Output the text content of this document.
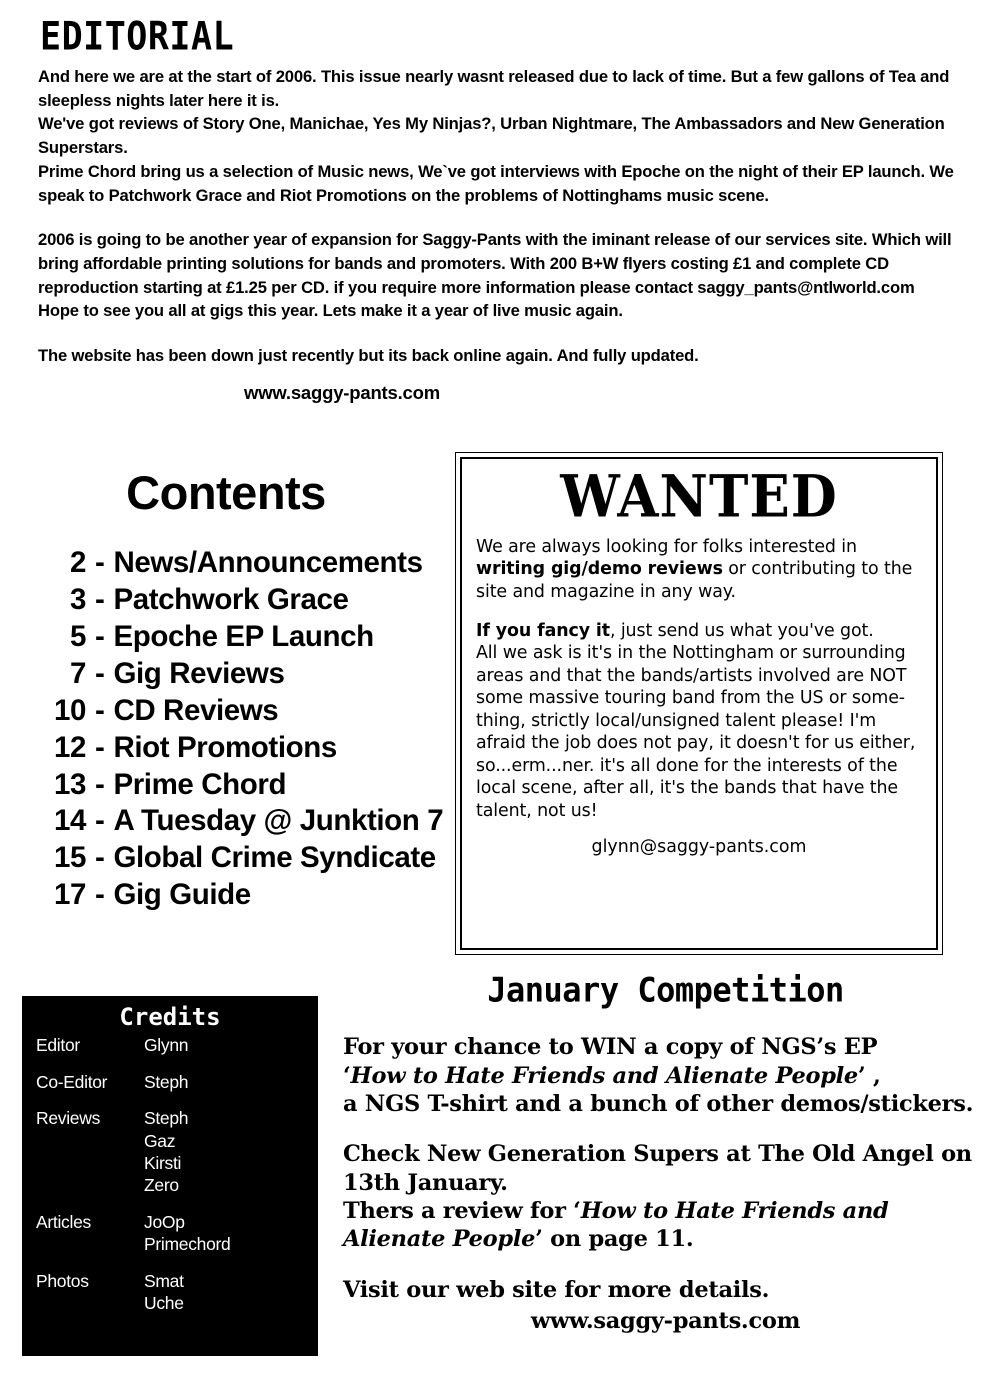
EDITORIAL

And here we are at the start of 2006. This issue nearly wasnt released due to lack of time. But a few gallons of Tea and sleepless nights later here it is.

We've got reviews of Story One, Manichae, Yes My Ninjas?, Urban Nightmare, The Ambassadors and New Generation Superstars.

Prime Chord bring us a selection of Music news, We`ve got interviews with Epoche on the night of their EP launch. We speak to Patchwork Grace and Riot Promotions on the problems of Nottinghams music scene.

2006 is going to be another year of expansion for Saggy-Pants with the iminant release of our services site. Which will bring affordable printing solutions for bands and promoters. With 200 B+W flyers costing £1 and complete CD reproduction starting at £1.25 per CD. if you require more information please contact saggy_pants@ntlworld.com

Hope to see you all at gigs this year. Lets make it a year of live music again.

The website has been down just recently but its back online again. And fully updated.

www.saggy-pants.com
Contents
2 - News/Announcements
3 - Patchwork Grace
5 - Epoche EP Launch
7 - Gig Reviews
10 - CD Reviews
12 - Riot Promotions
13 - Prime Chord
14 - A Tuesday @ Junktion 7
15 - Global Crime Syndicate
17 - Gig Guide
WANTED

We are always looking for folks interested in writing gig/demo reviews or contributing to the site and magazine in any way.

If you fancy it, just send us what you've got.

All we ask is it's in the Nottingham or surrounding areas and that the bands/artists involved are NOT some massive touring band from the US or some-thing, strictly local/unsigned talent please! I'm afraid the job does not pay, it doesn't for us either, so...erm...ner. it's all done for the interests of the local scene, after all, it's the bands that have the talent, not us!

glynn@saggy-pants.com
Credits
Editor	Glynn
Co-Editor	Steph
Reviews	Steph
Gaz
Kirsti
Zero
Articles	JoOp
Primechord
Photos	Smat
Uche
January Competition

For your chance to WIN a copy of NGS’s EP
‘How to Hate Friends and Alienate People’ ,
a NGS T-shirt and a bunch of other demos/stickers.

Check New Generation Supers at The Old Angel on 13th January.
Thers a review for ‘How to Hate Friends and Alienate People’ on page 11.

Visit our web site for more details.

www.saggy-pants.com
